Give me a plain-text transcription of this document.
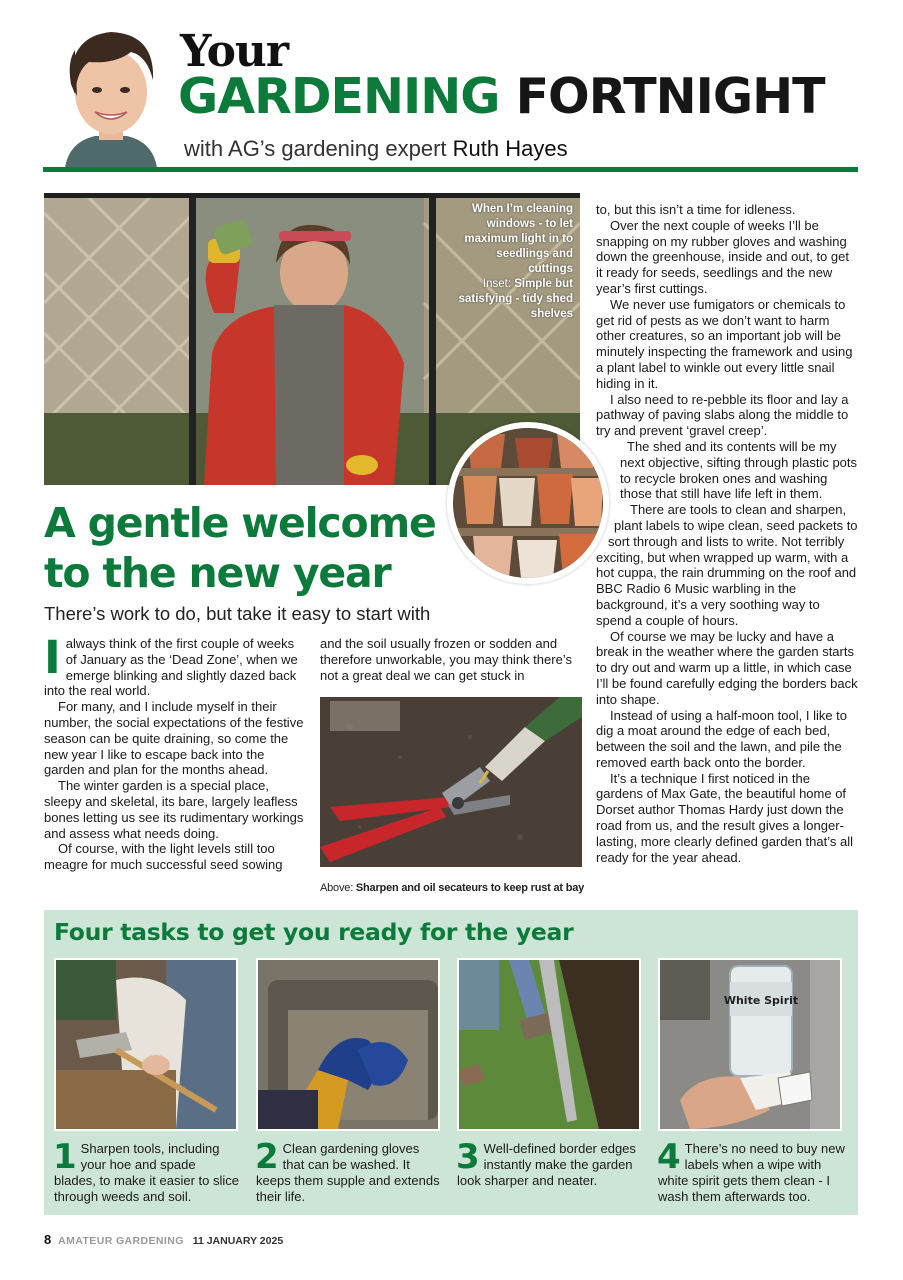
Your
GARDENING FORTNIGHT
with AG’s gardening expert Ruth Hayes
When I’m cleaning windows - to let maximum light in to seedlings and cuttings
Inset: Simple but satisfying - tidy shed shelves
A gentle welcome
to the new year
There’s work to do, but take it easy to start with

Ialways think of the first couple of weeks of January as the ‘Dead Zone’, when we emerge blinking and slightly dazed back into the real world.

For many, and I include myself in their number, the social expectations of the festive season can be quite draining, so come the new year I like to escape back into the garden and plan for the months ahead.

The winter garden is a special place, sleepy and skeletal, its bare, largely leafless bones letting us see its rudimentary workings and assess what needs doing.

Of course, with the light levels still too meagre for much successful seed sowing

and the soil usually frozen or sodden and therefore unworkable, you may think there’s not a great deal we can get stuck in

Above: Sharpen and oil secateurs to keep rust at bay

to, but this isn’t a time for idleness.

Over the next couple of weeks I’ll be snapping on my rubber gloves and washing down the greenhouse, inside and out, to get it ready for seeds, seedlings and the new year’s first cuttings.

We never use fumigators or chemicals to get rid of pests as we don’t want to harm other creatures, so an important job will be minutely inspecting the framework and using a plant label to winkle out every little snail hiding in it.

I also need to re-pebble its floor and lay a pathway of paving slabs along the middle to try and prevent ‘gravel creep’.

The shed and its contents will be my next objective, sifting through plastic pots to recycle broken ones and washing those that still have life left in them.

There are tools to clean and sharpen, plant labels to wipe clean, seed packets to sort through and lists to write. Not terribly exciting, but when wrapped up warm, with a hot cuppa, the rain drumming on the roof and BBC Radio 6 Music warbling in the background, it’s a very soothing way to spend a couple of hours.

Of course we may be lucky and have a break in the weather where the garden starts to dry out and warm up a little, in which case I’ll be found carefully edging the borders back into shape.

Instead of using a half-moon tool, I like to dig a moat around the edge of each bed, between the soil and the lawn, and pile the removed earth back onto the border.

It’s a technique I first noticed in the gardens of Max Gate, the beautiful home of Dorset author Thomas Hardy just down the road from us, and the result gives a longer-lasting, more clearly defined garden that’s all ready for the year ahead.

Four tasks to get you ready for the year
1 Sharpen tools, including your hoe and spade blades, to make it easier to slice through weeds and soil.
2 Clean gardening gloves that can be washed. It keeps them supple and extends their life.
3 Well-defined border edges instantly make the garden look sharper and neater.
White Spirit
4 There’s no need to buy new labels when a wipe with white spirit gets them clean - I wash them afterwards too.
8 AMATEUR GARDENING 11 JANUARY 2025
